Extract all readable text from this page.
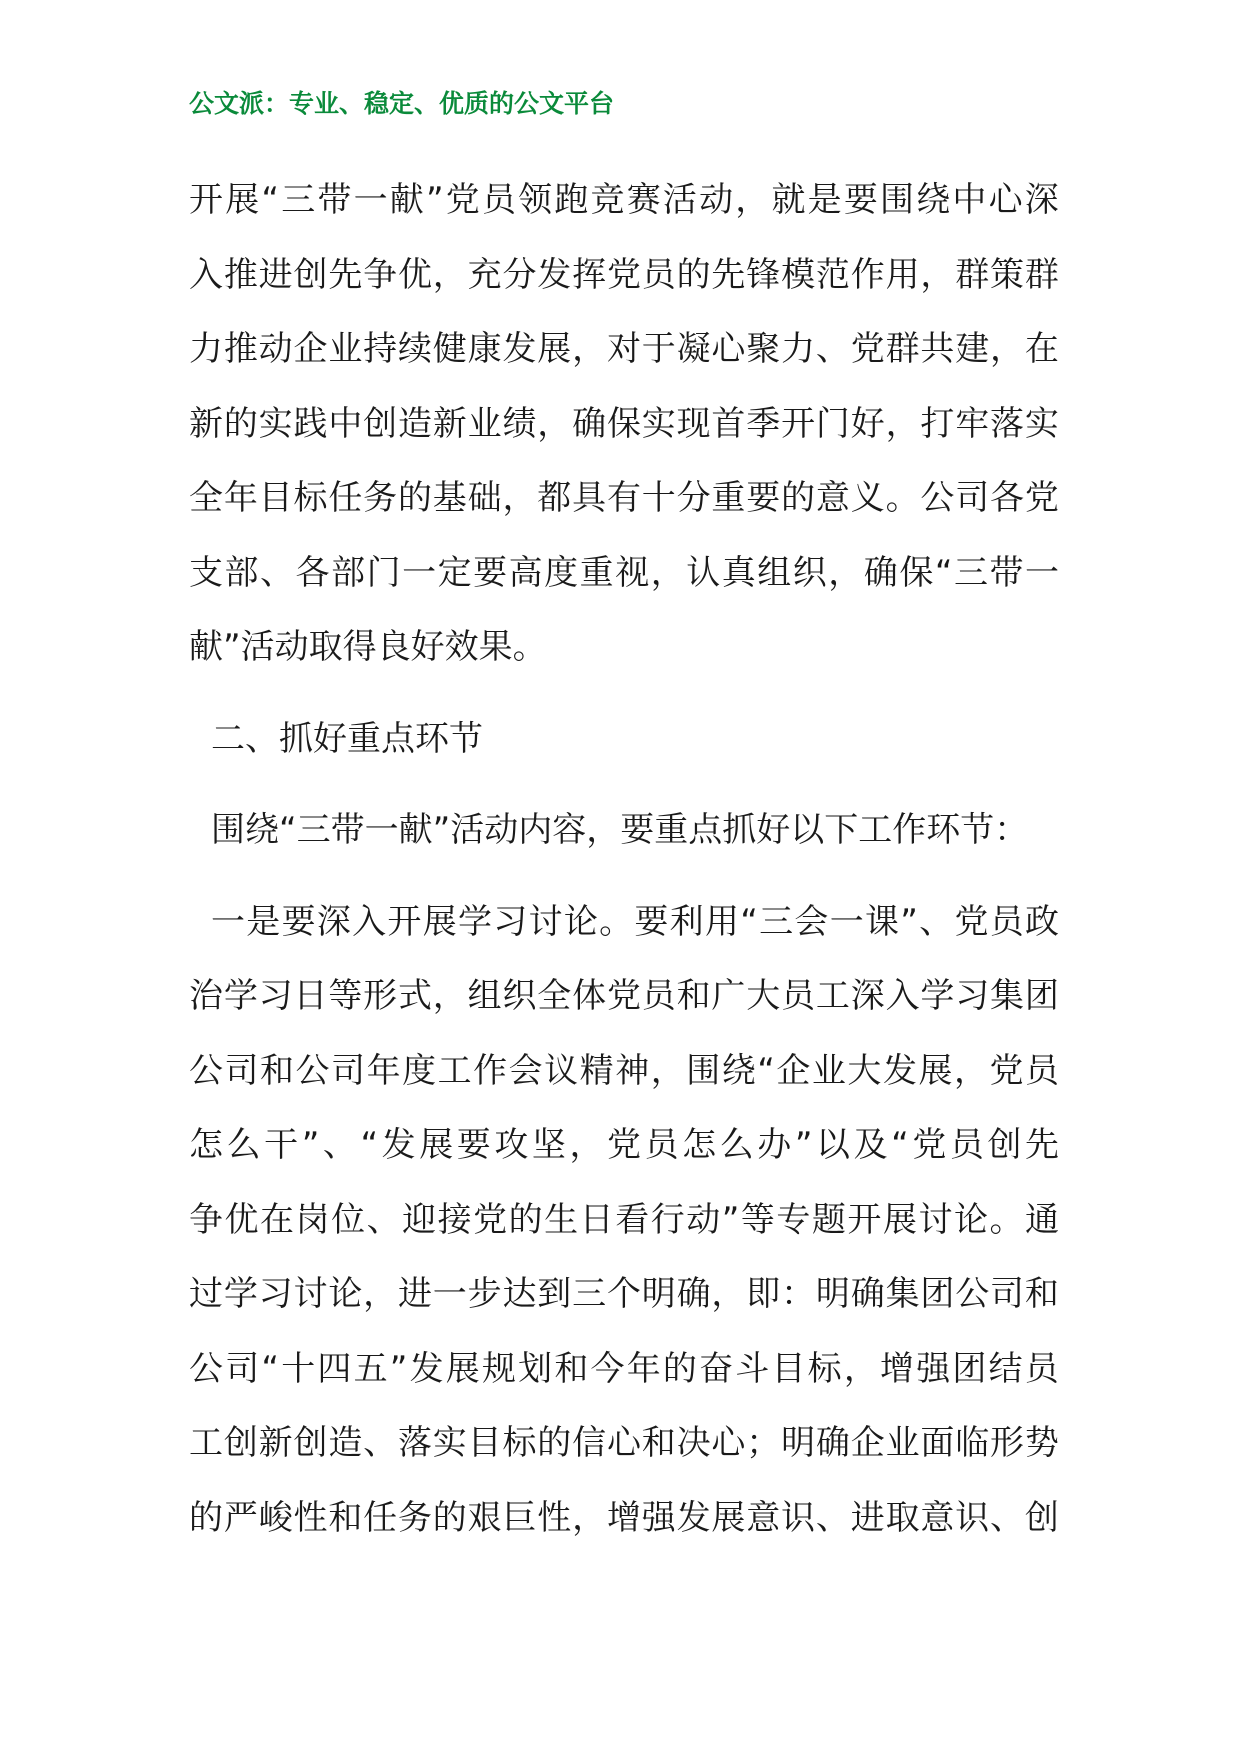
公文派：专业、稳定、优质的公文平台
开 展 “ 三 带 一 献 ” 党 员 领 跑 竞 赛 活 动 ， 就 是 要 围 绕 中 心 深
入 推 进 创 先 争 优 ， 充 分 发 挥 党 员 的 先 锋 模 范 作 用 ， 群 策 群
力 推 动 企 业 持 续 健 康 发 展 ， 对 于 凝 心 聚 力 、 党 群 共 建 ， 在
新 的 实 践 中 创 造 新 业 绩 ， 确 保 实 现 首 季 开 门 好 ， 打 牢 落 实
全 年 目 标 任 务 的 基 础 ， 都 具 有 十 分 重 要 的 意 义 。 公 司 各 党
支 部 、 各 部 门 一 定 要 高 度 重 视 ， 认 真 组 织 ， 确 保 “ 三 带 一
献”活动取得良好效果。
二、抓好重点环节
围绕“三带一献”活动内容，要重点抓好以下工作环节：
一 是 要 深 入 开 展 学 习 讨 论 。 要 利 用 “ 三 会 一 课 ” 、 党 员 政
治 学 习 日 等 形 式 ， 组 织 全 体 党 员 和 广 大 员 工 深 入 学 习 集 团
公 司 和 公 司 年 度 工 作 会 议 精 神 ， 围 绕 “ 企 业 大 发 展 ， 党 员
怎 么 干 ” 、 “ 发 展 要 攻 坚 ， 党 员 怎 么 办 ” 以 及 “ 党 员 创 先
争 优 在 岗 位 、 迎 接 党 的 生 日 看 行 动 ” 等 专 题 开 展 讨 论 。 通
过 学 习 讨 论 ， 进 一 步 达 到 三 个 明 确 ， 即 ： 明 确 集 团 公 司 和
公 司 “ 十 四 五 ” 发 展 规 划 和 今 年 的 奋 斗 目 标 ， 增 强 团 结 员
工 创 新 创 造 、 落 实 目 标 的 信 心 和 决 心 ； 明 确 企 业 面 临 形 势
的 严 峻 性 和 任 务 的 艰 巨 性 ， 增 强 发 展 意 识 、 进 取 意 识 、 创
